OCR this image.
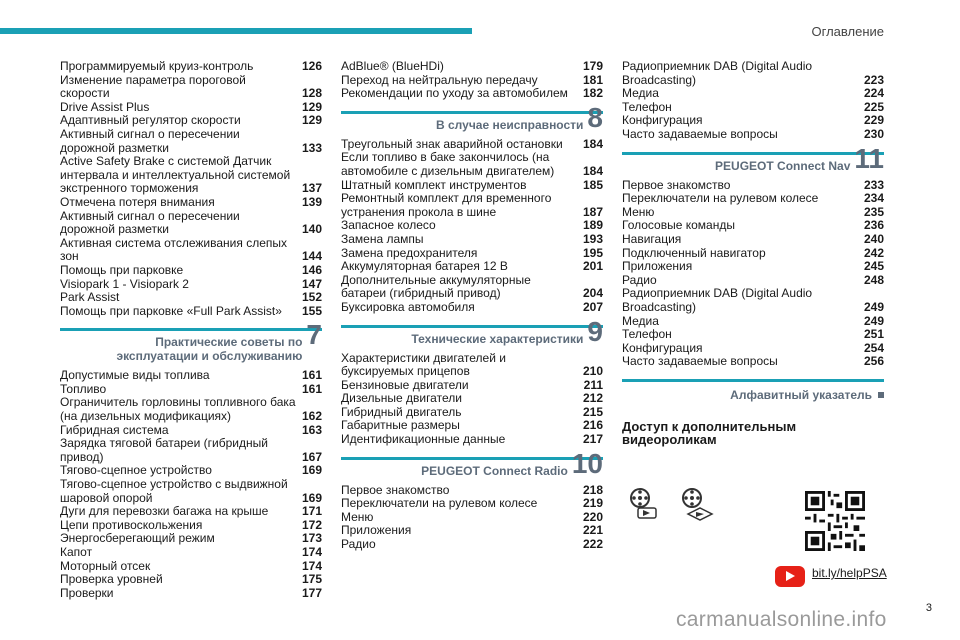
Оглавление
Программируемый круиз-контроль	126
Изменение параметра пороговой скорости	128
Drive Assist Plus	129
Адаптивный регулятор скорости	129
Активный сигнал о пересечении дорожной разметки	133
Active Safety Brake с системой Датчик интервала и интеллектуальной системой экстренного торможения	137
Отмечена потеря внимания	139
Активный сигнал о пересечении дорожной разметки	140
Активная система отслеживания слепых зон	144
Помощь при парковке	146
Visiopark 1 - Visiopark 2	147
Park Assist	152
Помощь при парковке «Full Park Assist»	155
Практические советы по эксплуатации и обслуживанию
7
Допустимые виды топлива	161
Топливо	161
Ограничитель горловины топливного бака (на дизельных модификациях)	162
Гибридная система	163
Зарядка тяговой батареи (гибридный привод)	167
Тягово-сцепное устройство	169
Тягово-сцепное устройство с выдвижной шаровой опорой	169
Дуги для перевозки багажа на крыше	171
Цепи противоскольжения	172
Энергосберегающий режим	173
Капот	174
Моторный отсек	174
Проверка уровней	175
Проверки	177
AdBlue® (BlueHDi)	179
Переход на нейтральную передачу	181
Рекомендации по уходу за автомобилем	182
В случае неисправности 8
Треугольный знак аварийной остановки	184
Если топливо в баке закончилось (на автомобиле с дизельным двигателем)	184
Штатный комплект инструментов	185
Ремонтный комплект для временного устранения прокола в шине	187
Запасное колесо	189
Замена лампы	193
Замена предохранителя	195
Аккумуляторная батарея 12 В	201
Дополнительные аккумуляторные батареи (гибридный привод)	204
Буксировка автомобиля	207
Технические характеристики 9
Характеристики двигателей и буксируемых прицепов	210
Бензиновые двигатели	211
Дизельные двигатели	212
Гибридный двигатель	215
Габаритные размеры	216
Идентификационные данные	217
PEUGEOT Connect Radio 10
Первое знакомство	218
Переключатели на рулевом колесе	219
Меню	220
Приложения	221
Радио	222
Радиоприемник DAB (Digital Audio Broadcasting)	223
Медиа	224
Телефон	225
Конфигурация	229
Часто задаваемые вопросы	230
PEUGEOT Connect Nav 11
Первое знакомство	233
Переключатели на рулевом колесе	234
Меню	235
Голосовые команды	236
Навигация	240
Подключенный навигатор	242
Приложения	245
Радио	248
Радиоприемник DAB (Digital Audio Broadcasting)	249
Медиа	249
Телефон	251
Конфигурация	254
Часто задаваемые вопросы	256
Алфавитный указатель
Доступ к дополнительным видеороликам
bit.ly/helpPSA
3
carmanualsonline.info
